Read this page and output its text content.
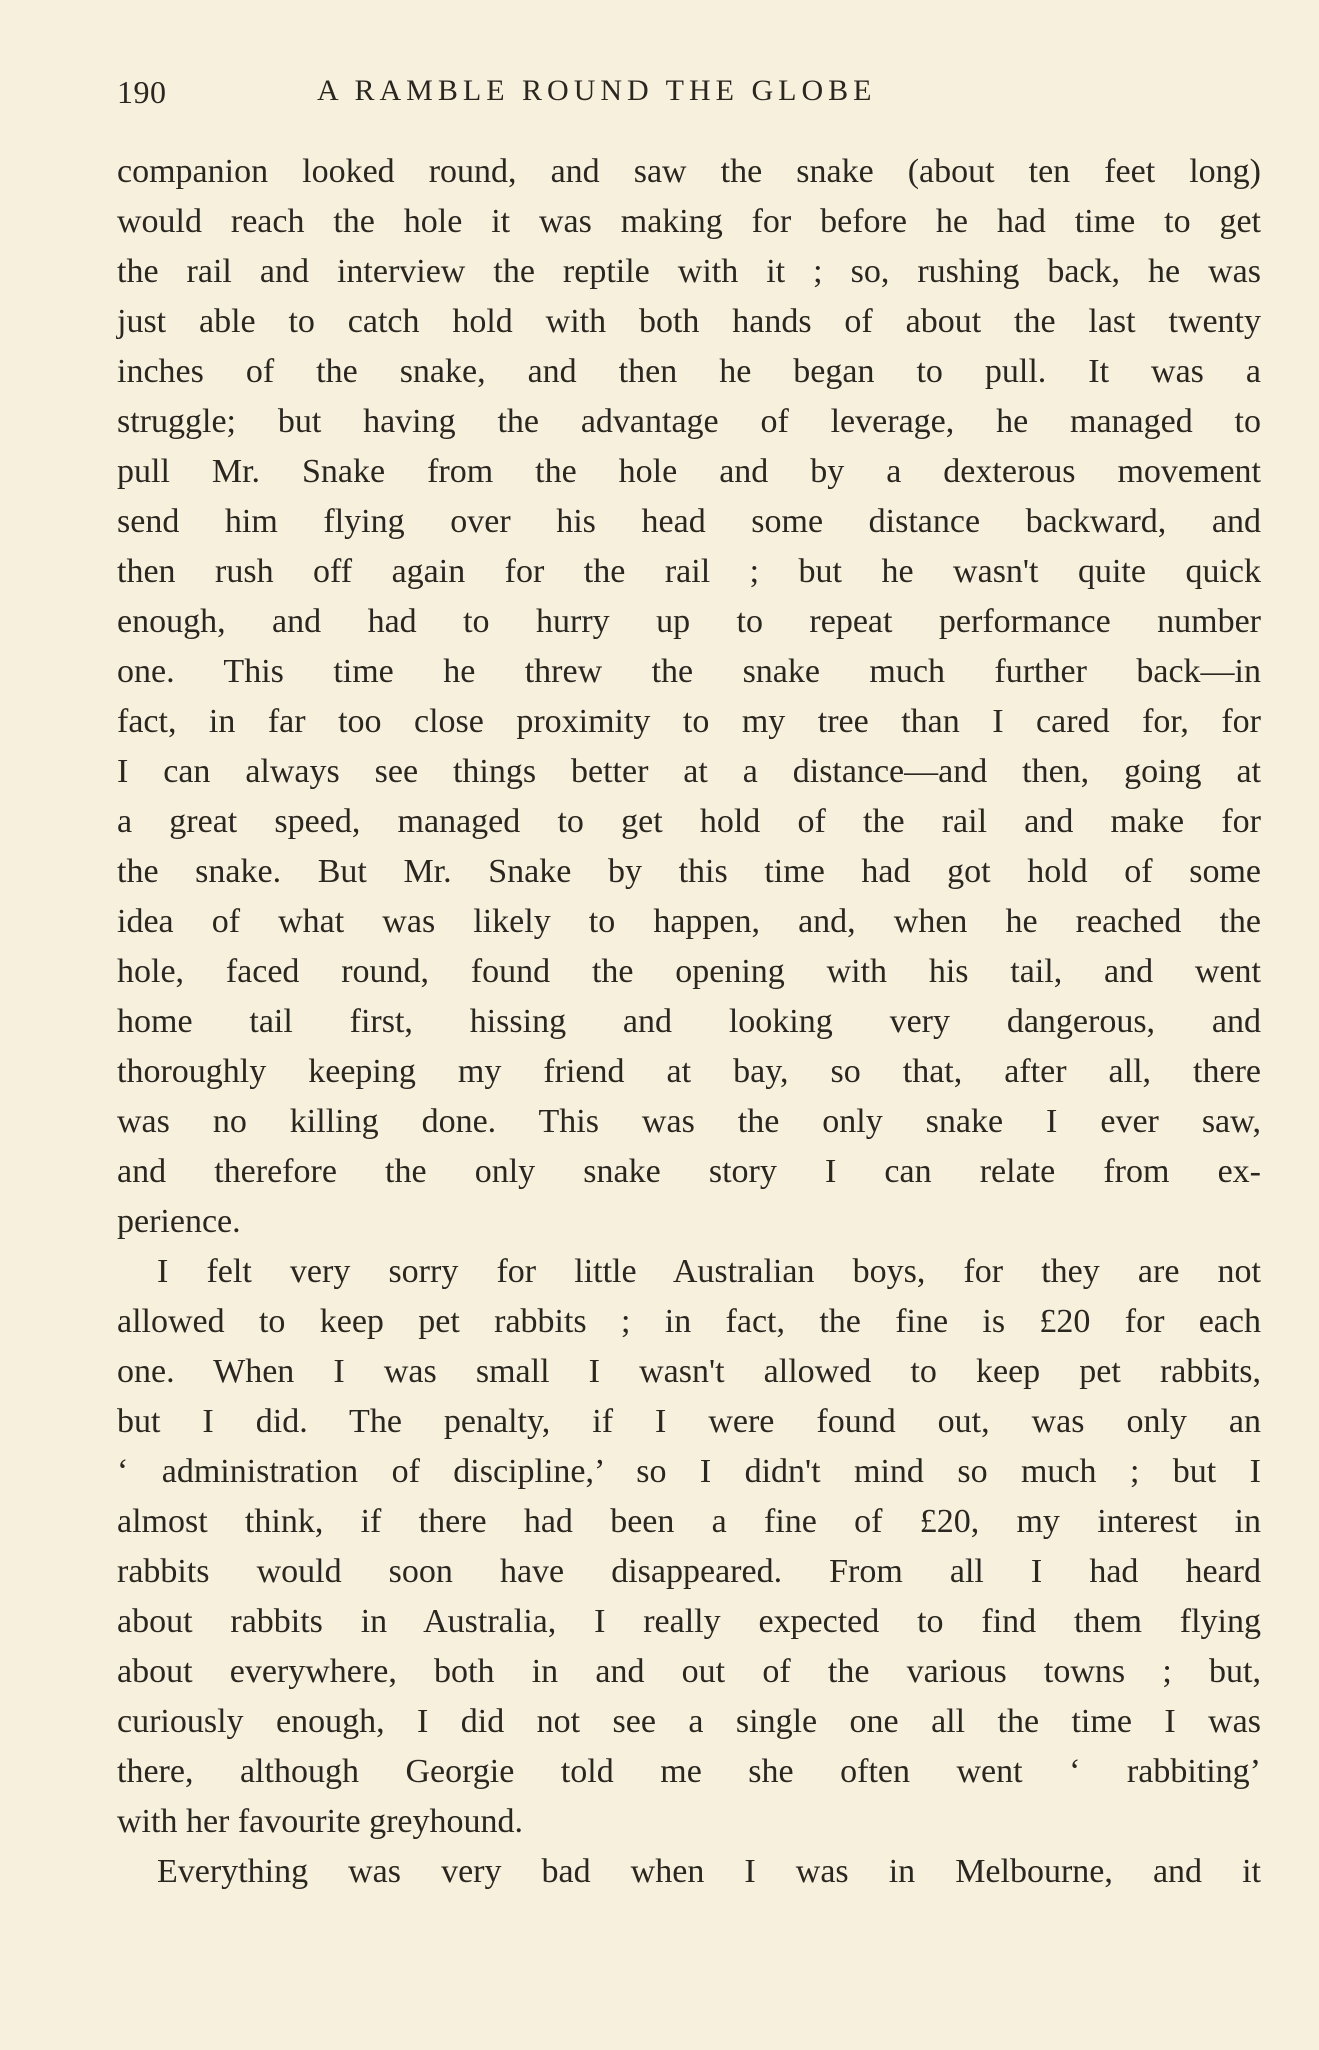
190	A RAMBLE ROUND THE GLOBE
companion looked round, and saw the snake (about ten feet long)
would reach the hole it was making for before he had time to get
the rail and interview the reptile with it ; so, rushing back, he was
just able to catch hold with both hands of about the last twenty
inches of the snake, and then he began to pull. It was a
struggle; but having the advantage of leverage, he managed to
pull Mr. Snake from the hole and by a dexterous movement
send him flying over his head some distance backward, and
then rush off again for the rail ; but he wasn't quite quick
enough, and had to hurry up to repeat performance number
one. This time he threw the snake much further back—in
fact, in far too close proximity to my tree than I cared for, for
I can always see things better at a distance—and then, going at
a great speed, managed to get hold of the rail and make for
the snake. But Mr. Snake by this time had got hold of some
idea of what was likely to happen, and, when he reached the
hole, faced round, found the opening with his tail, and went
home tail first, hissing and looking very dangerous, and
thoroughly keeping my friend at bay, so that, after all, there
was no killing done. This was the only snake I ever saw,
and therefore the only snake story I can relate from ex-
perience.
I felt very sorry for little Australian boys, for they are not
allowed to keep pet rabbits ; in fact, the fine is £20 for each
one. When I was small I wasn't allowed to keep pet rabbits,
but I did. The penalty, if I were found out, was only an
‘ administration of discipline,’ so I didn't mind so much ; but I
almost think, if there had been a fine of £20, my interest in
rabbits would soon have disappeared. From all I had heard
about rabbits in Australia, I really expected to find them flying
about everywhere, both in and out of the various towns ; but,
curiously enough, I did not see a single one all the time I was
there, although Georgie told me she often went ‘ rabbiting’
with her favourite greyhound.
Everything was very bad when I was in Melbourne, and it
